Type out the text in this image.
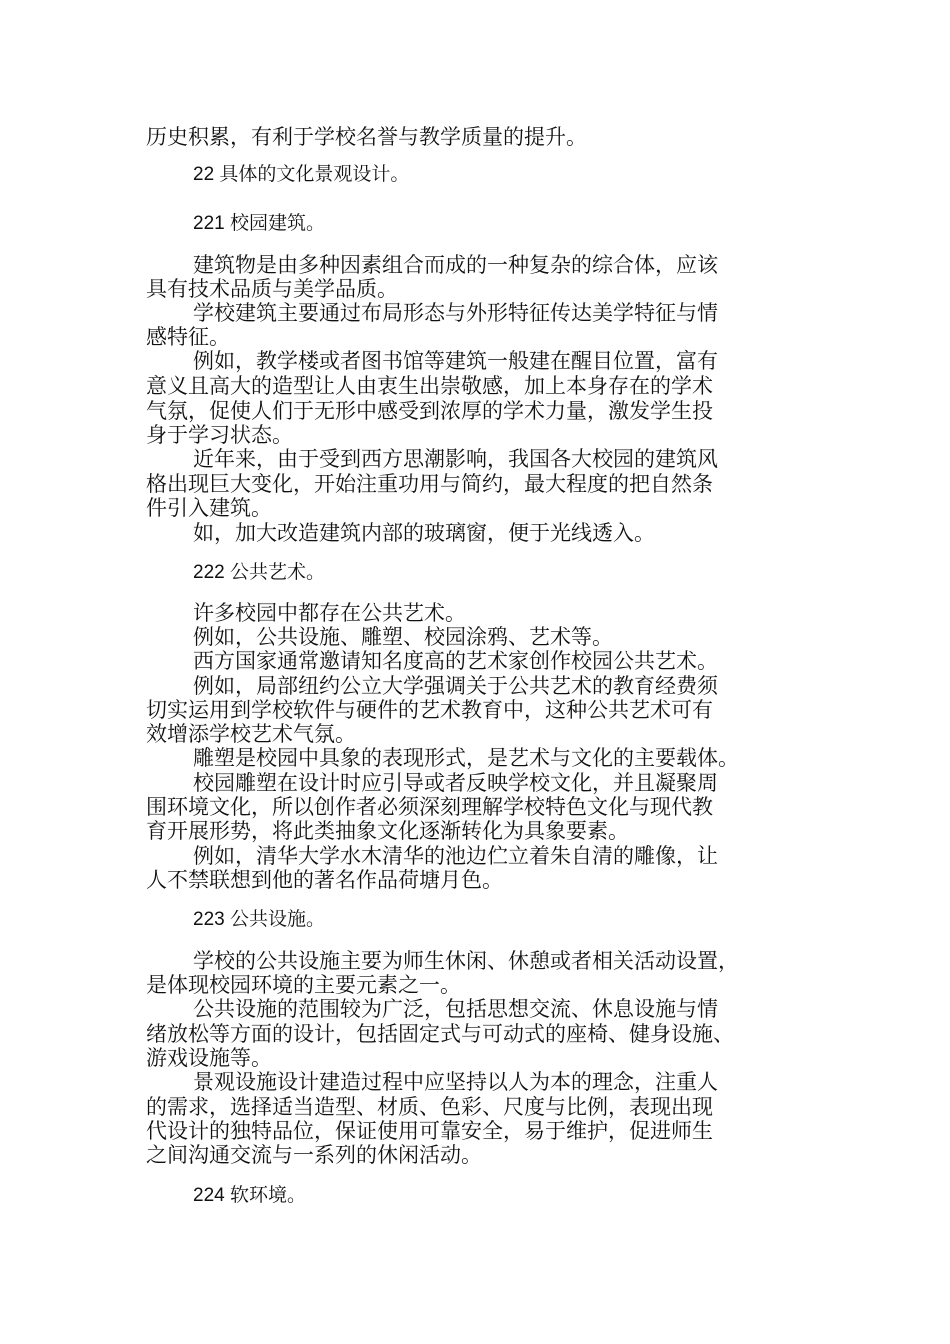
历史积累，有利于学校名誉与教学质量的提升。
22 具体的文化景观设计。
221 校园建筑。
建筑物是由多种因素组合而成的一种复杂的综合体，应该
具有技术品质与美学品质。
学校建筑主要通过布局形态与外形特征传达美学特征与情
感特征。
例如，教学楼或者图书馆等建筑一般建在醒目位置，富有
意义且高大的造型让人由衷生出崇敬感，加上本身存在的学术
气氛，促使人们于无形中感受到浓厚的学术力量，激发学生投
身于学习状态。
近年来，由于受到西方思潮影响，我国各大校园的建筑风
格出现巨大变化，开始注重功用与简约，最大程度的把自然条
件引入建筑。
如，加大改造建筑内部的玻璃窗，便于光线透入。
222 公共艺术。
许多校园中都存在公共艺术。
例如，公共设施、雕塑、校园涂鸦、艺术等。
西方国家通常邀请知名度高的艺术家创作校园公共艺术。
例如，局部纽约公立大学强调关于公共艺术的教育经费须
切实运用到学校软件与硬件的艺术教育中，这种公共艺术可有
效增添学校艺术气氛。
雕塑是校园中具象的表现形式，是艺术与文化的主要载体。
校园雕塑在设计时应引导或者反映学校文化，并且凝聚周
围环境文化，所以创作者必须深刻理解学校特色文化与现代教
育开展形势，将此类抽象文化逐渐转化为具象要素。
例如，清华大学水木清华的池边伫立着朱自清的雕像，让
人不禁联想到他的著名作品荷塘月色。
223 公共设施。
学校的公共设施主要为师生休闲、休憩或者相关活动设置，
是体现校园环境的主要元素之一。
公共设施的范围较为广泛，包括思想交流、休息设施与情
绪放松等方面的设计，包括固定式与可动式的座椅、健身设施、
游戏设施等。
景观设施设计建造过程中应坚持以人为本的理念，注重人
的需求，选择适当造型、材质、色彩、尺度与比例，表现出现
代设计的独特品位，保证使用可靠安全，易于维护，促进师生
之间沟通交流与一系列的休闲活动。
224 软环境。
